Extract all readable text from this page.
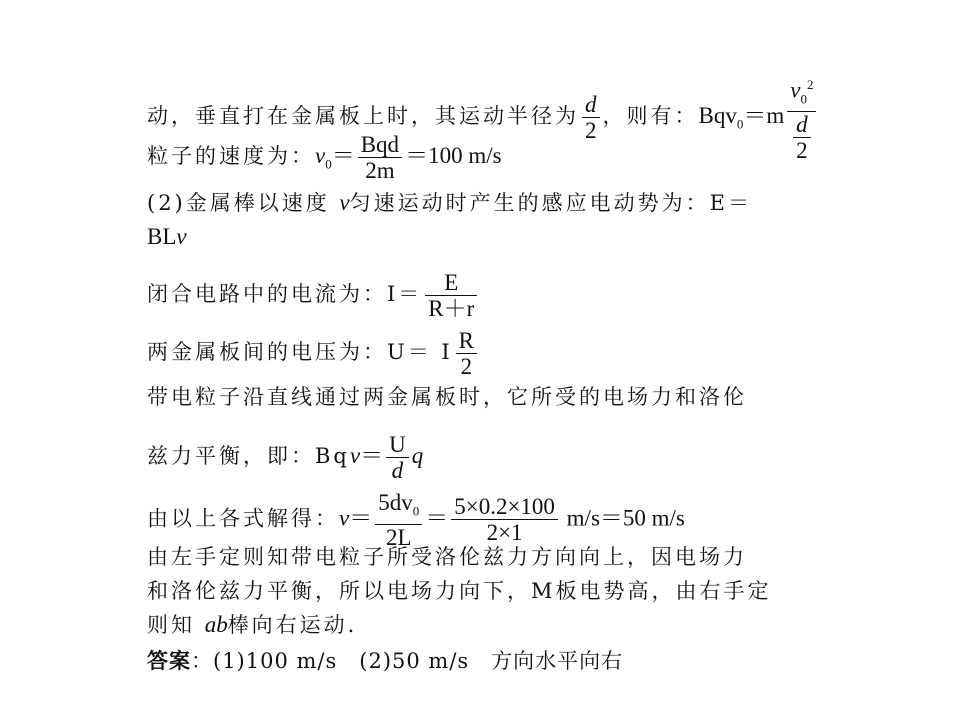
动，垂直打在金属板上时，其运动半径为 $\frac{d}{2}$ ，则有：$Bqv_0=m \frac{v_0^2}{\frac{d}{2}}$
粒子的速度为：$v_0= \frac{\text{Bqd}}{2m} =100$ m/s
(2)金属棒以速度 v匀速运动时产生的感应电动势为：E＝
BLv
闭合电路中的电流为：$I= \frac{E}{R+r}$
两金属板间的电压为：U＝ I $\frac{R}{2}$
带电粒子沿直线通过两金属板时，它所受的电场力和洛伦
兹力平衡，即：$Bqv= \frac{U}{d}$ q
由以上各式解得：$v= \frac{5dv_0}{2L} = \frac{5\times 0.2\times 100}{2\times 1} m/s=50$ m/s
由左手定则知带电粒子所受洛伦兹力方向向上，因电场力
和洛伦兹力平衡，所以电场力向下，M板电势高，由右手定
则知 ab棒向右运动.
答案：(1)100 m/s　(2)50 m/s　方向水平向右
